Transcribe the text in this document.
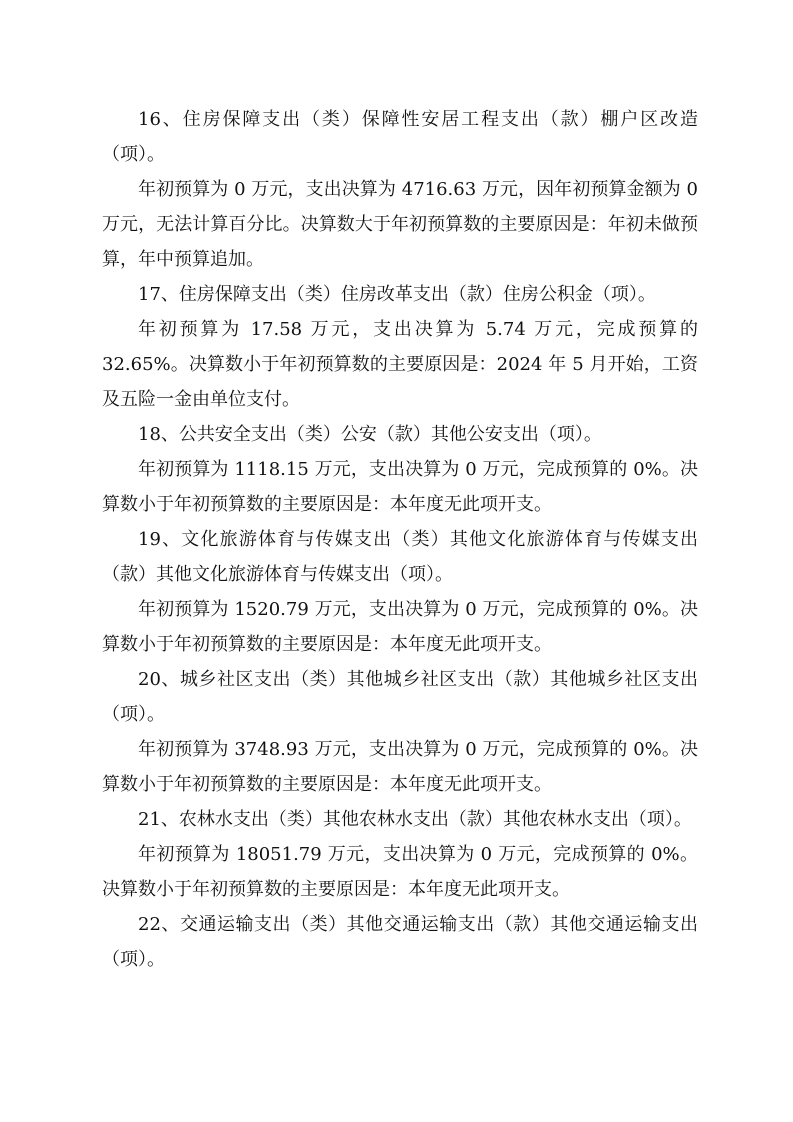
16、住房保障支出（类）保障性安居工程支出（款）棚户区改造（项）。

年初预算为 0 万元，支出决算为 4716.63 万元，因年初预算金额为 0 万元，无法计算百分比。决算数大于年初预算数的主要原因是：年初未做预算，年中预算追加。

17、住房保障支出（类）住房改革支出（款）住房公积金（项）。

年初预算为 17.58 万元，支出决算为 5.74 万元，完成预算的 32.65%。决算数小于年初预算数的主要原因是：2024 年 5 月开始，工资及五险一金由单位支付。

18、公共安全支出（类）公安（款）其他公安支出（项）。

年初预算为 1118.15 万元，支出决算为 0 万元，完成预算的 0%。决算数小于年初预算数的主要原因是：本年度无此项开支。

19、文化旅游体育与传媒支出（类）其他文化旅游体育与传媒支出（款）其他文化旅游体育与传媒支出（项）。

年初预算为 1520.79 万元，支出决算为 0 万元，完成预算的 0%。决算数小于年初预算数的主要原因是：本年度无此项开支。

20、城乡社区支出（类）其他城乡社区支出（款）其他城乡社区支出（项）。

年初预算为 3748.93 万元，支出决算为 0 万元，完成预算的 0%。决算数小于年初预算数的主要原因是：本年度无此项开支。

21、农林水支出（类）其他农林水支出（款）其他农林水支出（项）。

年初预算为 18051.79 万元，支出决算为 0 万元，完成预算的 0%。决算数小于年初预算数的主要原因是：本年度无此项开支。

22、交通运输支出（类）其他交通运输支出（款）其他交通运输支出（项）。
